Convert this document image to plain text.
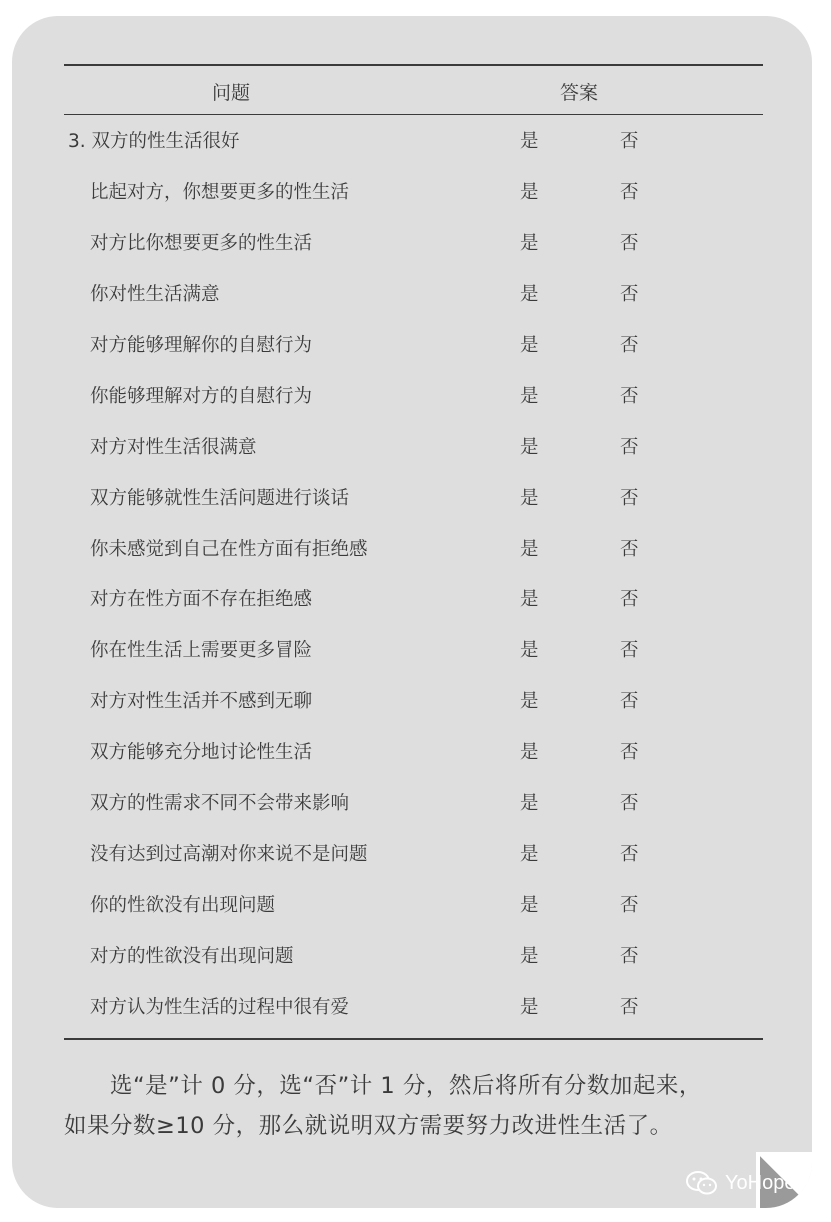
问题	答案
3. 双方的性生活很好	是	否
比起对方，你想要更多的性生活	是	否
对方比你想要更多的性生活	是	否
你对性生活满意	是	否
对方能够理解你的自慰行为	是	否
你能够理解对方的自慰行为	是	否
对方对性生活很满意	是	否
双方能够就性生活问题进行谈话	是	否
你未感觉到自己在性方面有拒绝感	是	否
对方在性方面不存在拒绝感	是	否
你在性生活上需要更多冒险	是	否
对方对性生活并不感到无聊	是	否
双方能够充分地讨论性生活	是	否
双方的性需求不同不会带来影响	是	否
没有达到过高潮对你来说不是问题	是	否
你的性欲没有出现问题	是	否
对方的性欲没有出现问题	是	否
对方认为性生活的过程中很有爱	是	否

选“是”计 0 分，选“否”计 1 分，然后将所有分数加起来，

如果分数≥10 分，那么就说明双方需要努力改进性生活了。

YoHope
